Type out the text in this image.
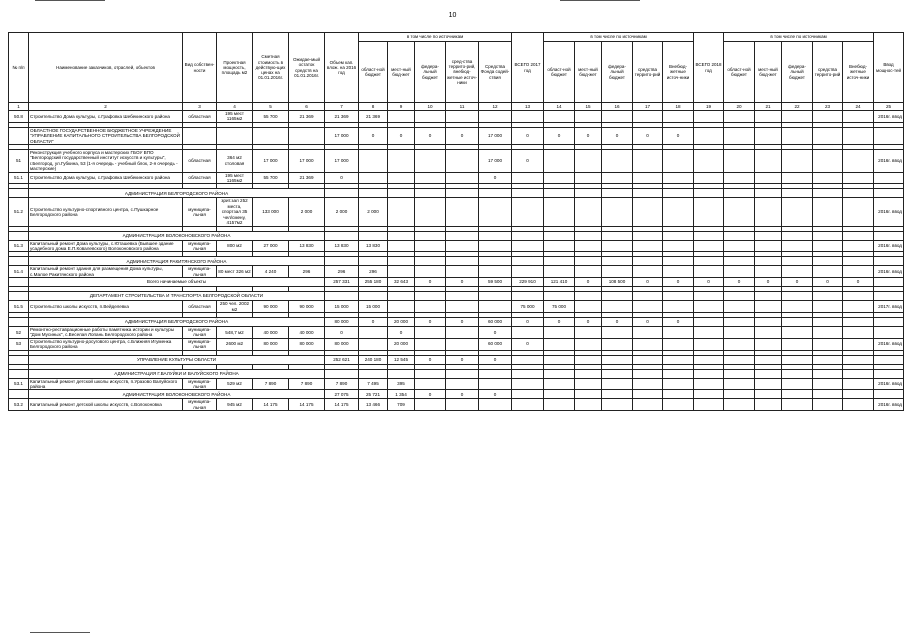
10
№ п/п	Наименование заказчиков, отраслей, объектов	Вид собствен-ности	Проектная мощность, площадь м2	Сметная стоимость в действую-щих ценах на 01.01.2016г.	Ожидае-мый остаток средств на 01.01.2016г.	Объем кап. влож. на 2016 год	в том числе по источникам					ВСЕГО 2017 год	в том числе по источникам					ВСЕГО 2018 год	в том числе по источникам					Ввод мощнос-тей
							област-ной бюджет	мест-ный бюд-жет	федера-льный бюджет	сред-ства террито-рий, внебюд-жетные источ-ники	Средства Фонда содей-ствия		област-ной бюджет	мест-ный бюд-жет	федера-льный бюджет	средства террито-рий	Внебюд-жетные источ-ники		област-ной бюджет	мест-ный бюд-жет	федера-льный бюджет	средства террито-рий	Внебюд-жетные источ-ники	
1	2	3	4	5	6	7	8	9	10	11	12	13	14	15	16	17	18	19	20	21	22	23	24	25
50.8	Строительство Дома культуры, с.Графовка Шебекинского района	областная	195 мест 1165м2	55 700	21 369	21 369	21 369																	2016г. ввод

	ОБЛАСТНОЕ ГОСУДАРСТВЕННОЕ БЮДЖЕТНОЕ УЧРЕЖДЕНИЕ "УПРАВЛЕНИЕ КАПИТАЛЬНОГО СТРОИТЕЛЬСТВА БЕЛГОРОДСКОЙ ОБЛАСТИ"					17 000	0	0	0	0	17 000	0	0	0	0	0	0							

51	Реконструкция учебного корпуса и мастерских ГБОУ ВПО "Белгородский государственный институт искусств и культуры", г.Белгород, ул.Губкина, 53 (1-я очередь - учебный блок, 2-я очередь - мастерские)	областная	364 м2 столовая	17 000	17 000	17 000					17 000	0												2016г. ввод
51.1	Строительство Дома культуры, с.Графовка Шебекинского района	областная	195 мест 1165м2	55 700	21 369	0					0													

	АДМИНИСТРАЦИЯ БЕЛГОРОДСКОГО РАЙОНА																							
51.2	Строительство культурно-спортивного центра, с.Пушкарное Белгородского района	муниципа-льная	зрит.зал 252 места, спортзал 35 чел/смену, 4157м2	133 000	2 000	2 000	2 000																	2016г. ввод

	АДМИНИСТРАЦИЯ ВОЛОКОНОВСКОГО РАЙОНА																							
51.3	Капитальный ремонт Дома культуры, с.Юташевка (Бывшее здание усадебного дома Е.П.Ковалевского) Волоконовского района	муниципа-льная	800 м2	27 000	13 830	13 830	13 830																	2016г. ввод

	АДМИНИСТРАЦИЯ РАКИТЯНСКОГО РАЙОНА																							
51.4	Капитальный ремонт здания для размещения Дома культуры, с.Малое Ракитянского района	муниципа-льная	80 мест 326 м2	4 240	296	296	296																	2016г. ввод
	Всего начинаемые объекты					257 331	255 180	32 643	0	0	59 500	229 910	121 410	0	108 500	0	0	0	0	0	0	0	0	

	ДЕПАРТАМЕНТ СТРОИТЕЛЬСТВА И ТРАНСПОРТА БЕЛГОРОДСКОЙ ОБЛАСТИ																							
51.5	Строительство школы искусств, п.Вейделевка	областная	250 чел. 2002 м2	90 000	90 000	15 000	15 000					75 000	75 000											2017г. ввод

	АДМИНИСТРАЦИЯ БЕЛГОРОДСКОГО РАЙОНА					80 000	0	20 000	0	0	60 000	0	0	0	0	0	0							
52	Ремонтно-реставрационные работы памятника истории и культуры "Дом Мусиных", с.Веселая Лопань Белгородского района	муниципа-льная	548,7 м2	40 000	40 000	0		0			0													
53	Строительство культурно-досугового центра, с.Ближняя Игуменка Белгородского района	муниципа-льная	2600 м2	80 000	80 000	80 000		20 000			60 000	0												2016г. ввод

	УПРАВЛЕНИЕ КУЛЬТУРЫ ОБЛАСТИ					252 621	240 180	12 545	0	0	0													

	АДМИНИСТРАЦИЯ Г.ВАЛУЙКИ И ВАЛУЙСКОГО РАЙОНА																							
53.1	Капитальный ремонт детской школы искусств, п.Уразово Валуйского района	муниципа-льная	529 м2	7 890	7 890	7 890	7 495	395																2016г. ввод
	АДМИНИСТРАЦИЯ ВОЛОКОНОВСКОГО РАЙОНА					27 075	25 721	1 354	0	0	0													
53.2	Капитальный ремонт детской школы искусств, с.Волоконовка	муниципа-льная	945 м2	14 175	14 175	14 175	13 466	709																2016г. ввод
